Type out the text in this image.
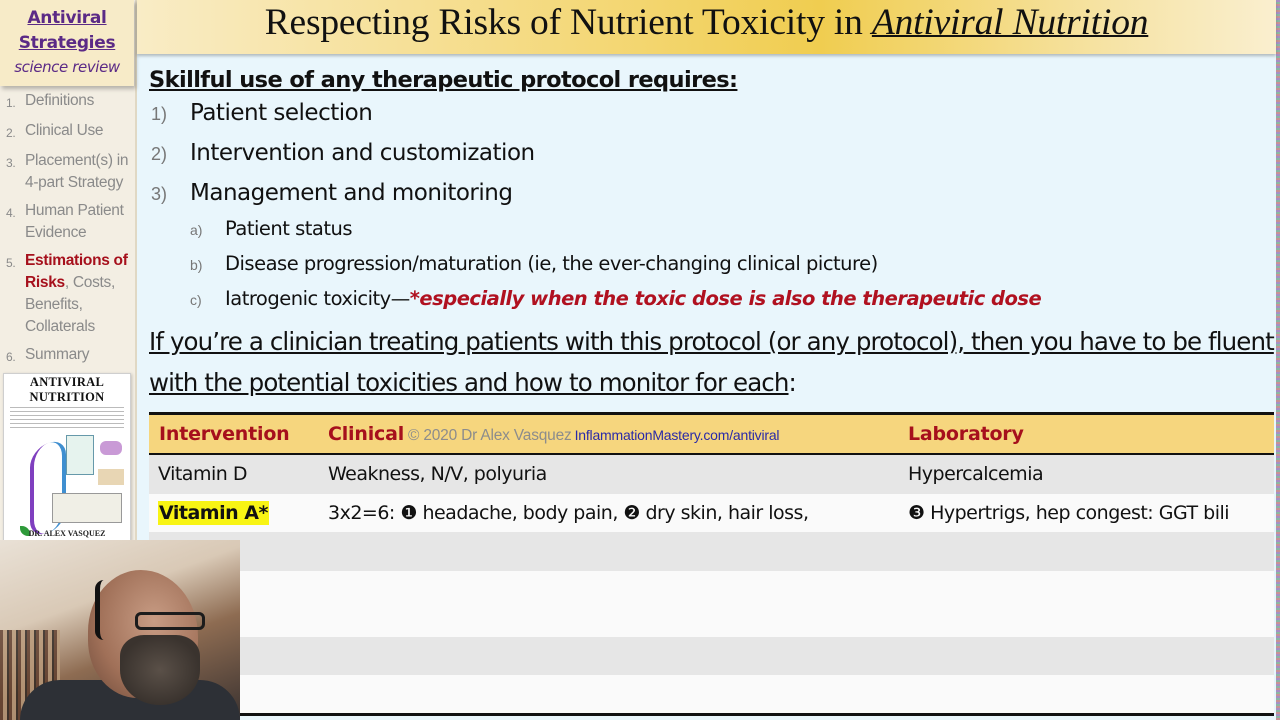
Antiviral
Strategies
science review
1. Definitions
2. Clinical Use
3. Placement(s) in 4-part Strategy
4. Human Patient Evidence
5. Estimations of Risks, Costs, Benefits, Collaterals
6. Summary
ANTIVIRAL NUTRITION
DR. ALEX VASQUEZ
Respecting Risks of Nutrient Toxicity in Antiviral Nutrition
Skillful use of any therapeutic protocol requires:
1) Patient selection
2) Intervention and customization
3) Management and monitoring
a)	Patient status
b)	Disease progression/maturation (ie, the ever-changing clinical picture)
c)	Iatrogenic toxicity—*especially when the toxic dose is also the therapeutic dose

If you’re a clinician treating patients with this protocol (or any protocol), then you have to be fluent with the potential toxicities and how to monitor for each:

Intervention	Clinical © 2020 Dr Alex Vasquez InflammationMastery.com/antiviral	Laboratory
Vitamin D	Weakness, N/V, polyuria	Hypercalcemia
Vitamin A*	3x2=6: ❶ headache, body pain, ❷ dry skin, hair loss,	❸ Hypertrigs, hep congest: GGT bili
